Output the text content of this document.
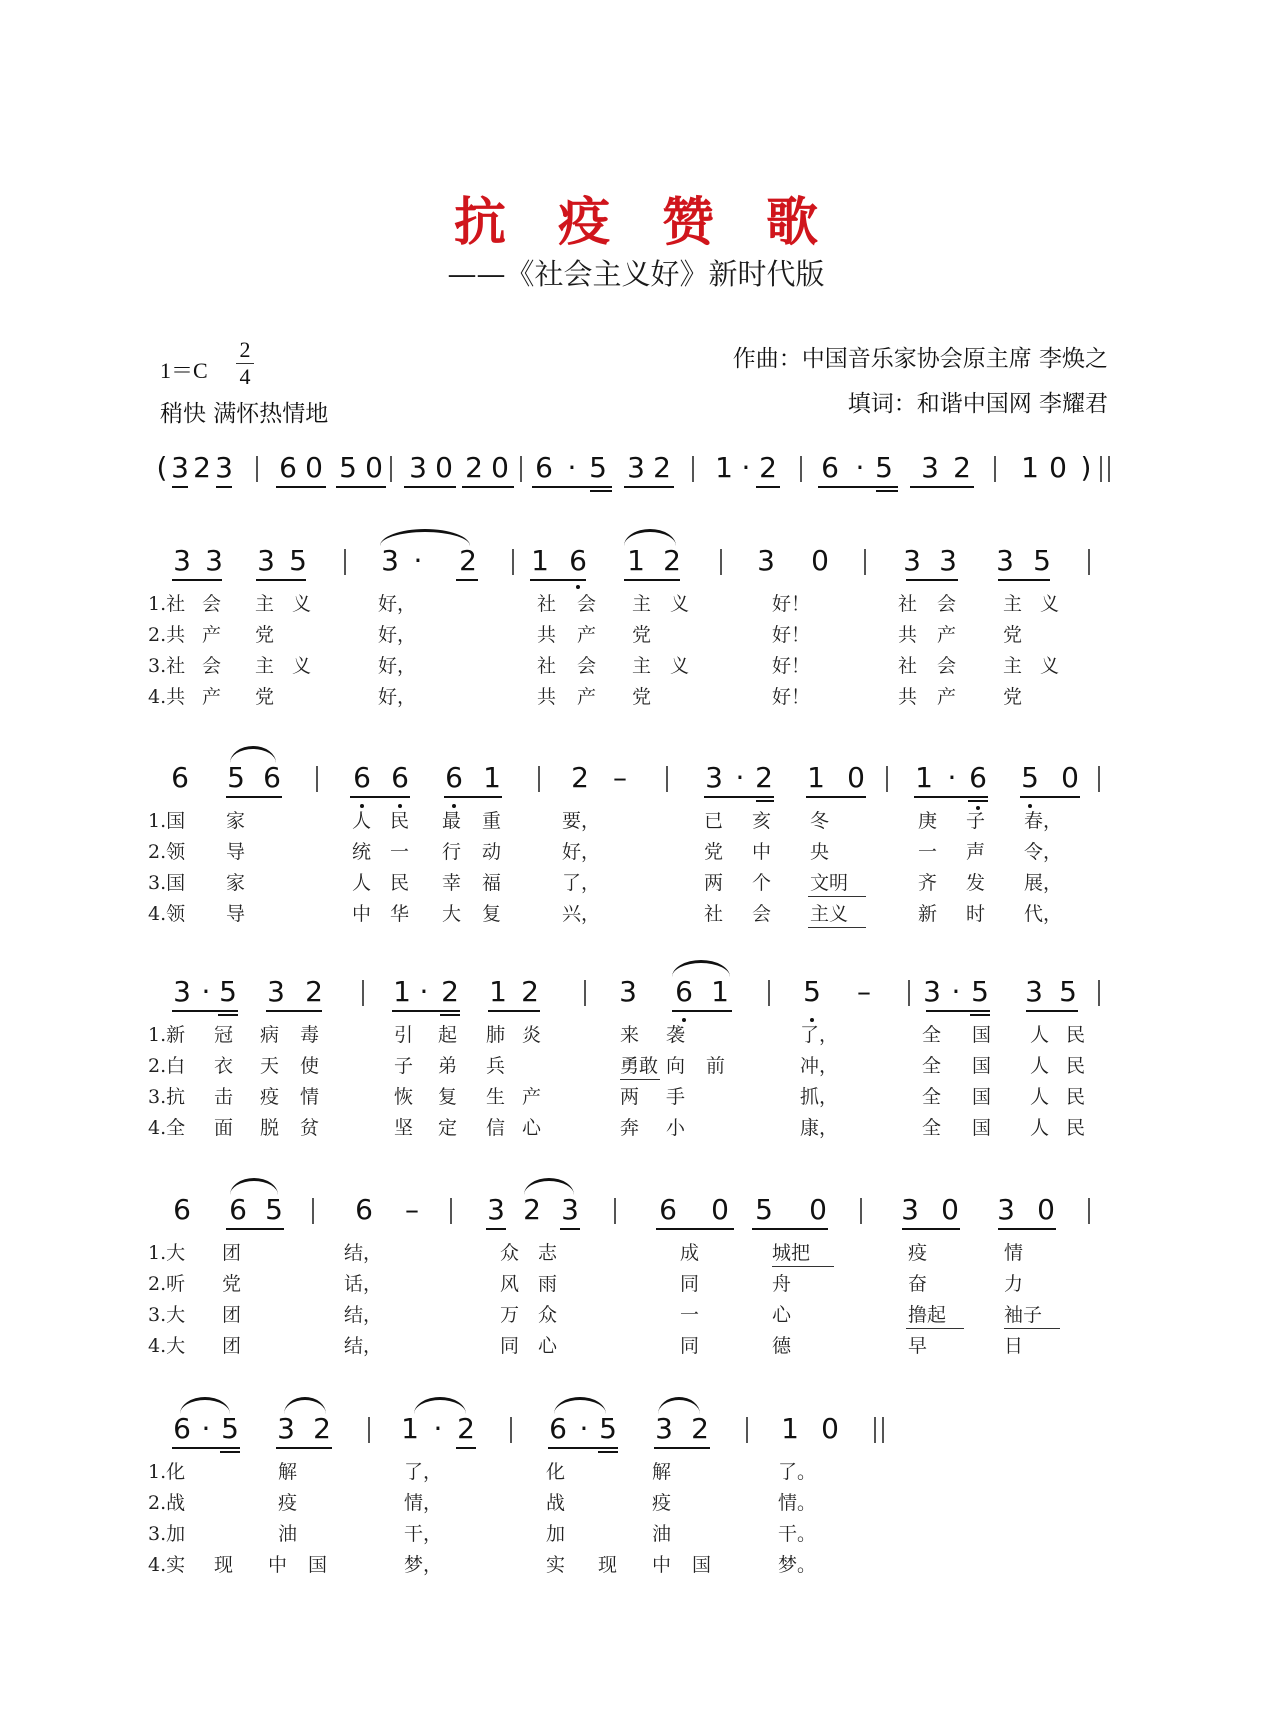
抗疫赞歌
——《社会主义好》新时代版
1＝C
2
4
稍快 满怀热情地
作曲：中国音乐家协会原主席 李焕之
填词：和谐中国网 李耀君
( 3 2 3 6 0 5 0 3 0 2 0 6 · 5 3 2 1 · 2 6 · 5 3 2 1 0 )
3 3 3 5	3 · 2 1 6 1 2	3 0	3 3 3 5
1.社 会 主 义	好，	社 会 主 义	好！	社 会 主 义
2.共 产 党	好，	共 产 党	好！	共 产 党
3.社 会 主 义	好，	社 会 主 义	好！	社 会 主 义
4.共 产 党	好，	共 产 党	好！	共 产 党
6 5 6	6 6 6 1	2 –	3 · 2 1 0 1 · 6 5 0
1.国 家	人 民 最 重	要，	已 亥 冬	庚 子 春，
2.领 导	统 一 行 动	好，	党 中 央	一 声 令，
3.国 家	人 民 幸 福	了，	两 个 文明	齐 发 展，
4.领 导	中 华 大 复	兴，	社 会 主义	新 时 代，
3 · 5 3 2	1 · 2 1 2	3 6 1	5 – 3 · 5 3 5
1.新 冠 病 毒	引 起 肺 炎	来 袭	了，	全 国 人 民
2.白 衣 天 使	子 弟 兵	勇敢 向 前	冲，	全 国 人 民
3.抗 击 疫 情	恢 复 生 产	两 手	抓，	全 国 人 民
4.全 面 脱 贫	坚 定 信 心	奔 小	康，	全 国 人 民
6 6 5	6 – 3 2 3	6 0 5 0	3 0 3 0
1.大 团	结，	众 志	成	城把	疫	情
2.听 党	话，	风 雨	同	舟	奋	力
3.大 团	结，	万 众	一	心	撸起	袖子
4.大 团	结，	同 心	同	德	早	日
6 · 5 3 2	1 · 2	6 · 5 3 2	1 0
1.化	解	了，	化	解	了。
2.战	疫	情，	战	疫	情。
3.加	油	干，	加	油	干。
4.实 现 中 国	梦，	实 现 中 国	梦。
